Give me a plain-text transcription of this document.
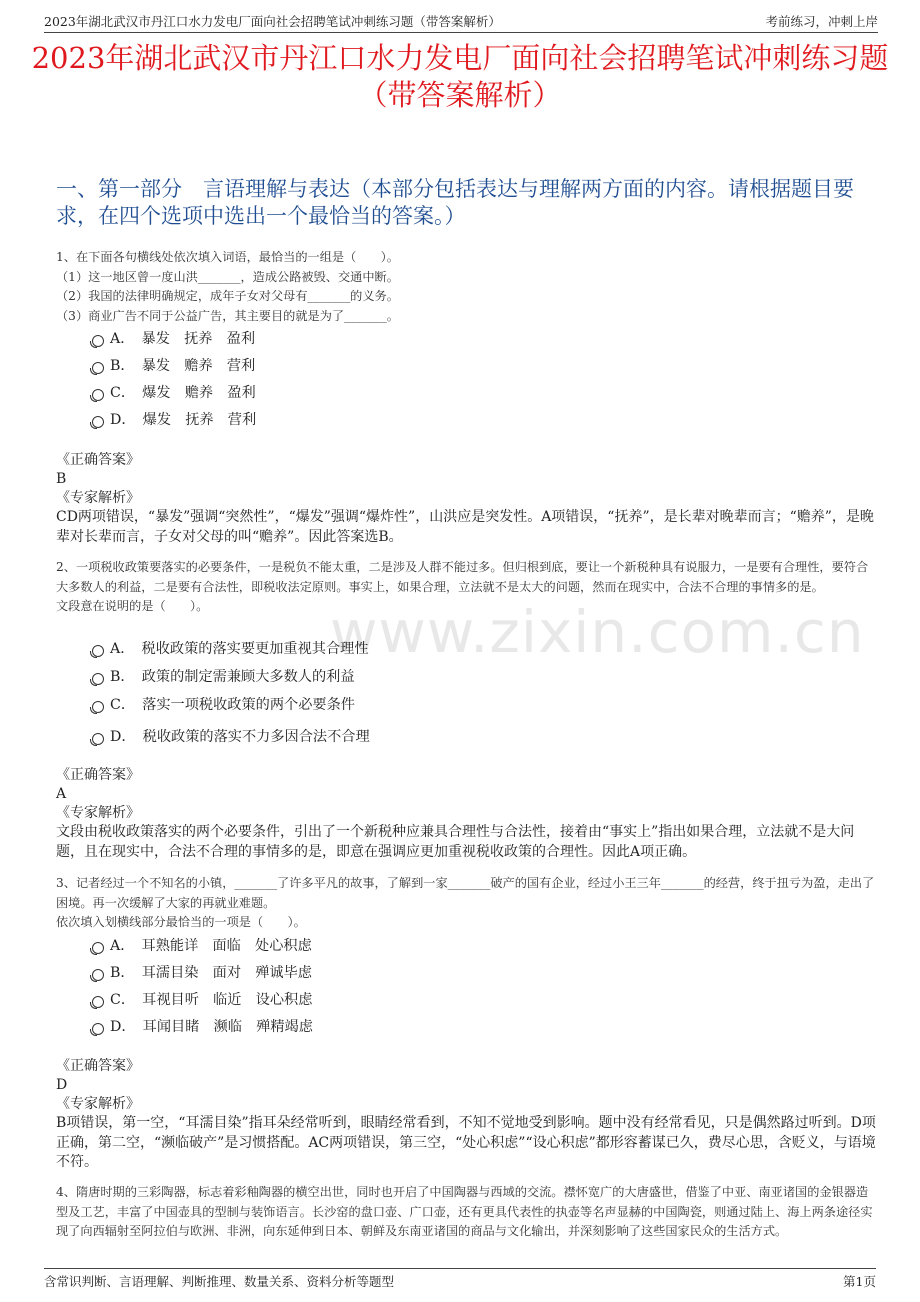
2023年湖北武汉市丹江口水力发电厂面向社会招聘笔试冲刺练习题（带答案解析）	考前练习，冲刺上岸
2023年湖北武汉市丹江口水力发电厂面向社会招聘笔试冲刺练习题（带答案解析）
一、第一部分　言语理解与表达（本部分包括表达与理解两方面的内容。请根据题目要求，在四个选项中选出一个最恰当的答案。）
www.zixin.com.cn

1、在下面各句横线处依次填入词语，最恰当的一组是（　　）。

（1）这一地区曾一度山洪_______，造成公路被毁、交通中断。

（2）我国的法律明确规定，成年子女对父母有_______的义务。

（3）商业广告不同于公益广告，其主要目的就是为了_______。

A．　暴发　抚养　盈利
B．　暴发　赡养　营利
C．　爆发　赡养　盈利
D．　爆发　抚养　营利

《正确答案》

B

《专家解析》

CD两项错误，“暴发”强调“突然性”，“爆发”强调“爆炸性”，山洪应是突发性。A项错误，“抚养”，是长辈对晚辈而言；“赡养”，是晚辈对长辈而言，子女对父母的叫“赡养”。因此答案选B。

2、一项税收政策要落实的必要条件，一是税负不能太重，二是涉及人群不能过多。但归根到底，要让一个新税种具有说服力，一是要有合理性，要符合大多数人的利益，二是要有合法性，即税收法定原则。事实上，如果合理，立法就不是太大的问题，然而在现实中，合法不合理的事情多的是。

文段意在说明的是（　　）。

A．　税收政策的落实要更加重视其合理性
B．　政策的制定需兼顾大多数人的利益
C．　落实一项税收政策的两个必要条件
D．　税收政策的落实不力多因合法不合理

《正确答案》

A

《专家解析》

文段由税收政策落实的两个必要条件，引出了一个新税种应兼具合理性与合法性，接着由“事实上”指出如果合理，立法就不是大问题，且在现实中，合法不合理的事情多的是，即意在强调应更加重视税收政策的合理性。因此A项正确。

3、记者经过一个不知名的小镇，_______了许多平凡的故事，了解到一家_______破产的国有企业，经过小王三年_______的经营，终于扭亏为盈，走出了困境。再一次缓解了大家的再就业难题。

依次填入划横线部分最恰当的一项是（　　）。

A．　耳熟能详　面临　处心积虑
B．　耳濡目染　面对　殚诚毕虑
C．　耳视目听　临近　设心积虑
D．　耳闻目睹　濒临　殚精竭虑

《正确答案》

D

《专家解析》

B项错误，第一空，“耳濡目染”指耳朵经常听到，眼睛经常看到，不知不觉地受到影响。题中没有经常看见，只是偶然路过听到。D项正确，第二空，“濒临破产”是习惯搭配。AC两项错误，第三空，“处心积虑”“设心积虑”都形容蓄谋已久，费尽心思，含贬义，与语境不符。

4、隋唐时期的三彩陶器，标志着彩釉陶器的横空出世，同时也开启了中国陶器与西域的交流。襟怀宽广的大唐盛世，借鉴了中亚、南亚诸国的金银器造型及工艺，丰富了中国壶具的型制与装饰语言。长沙窑的盘口壶、广口壶，还有更具代表性的执壶等名声显赫的中国陶瓷，则通过陆上、海上两条途径实现了向西辐射至阿拉伯与欧洲、非洲，向东延伸到日本、朝鲜及东南亚诸国的商品与文化输出，并深刻影响了这些国家民众的生活方式。

含常识判断、言语理解、判断推理、数量关系、资料分析等题型	第1页
